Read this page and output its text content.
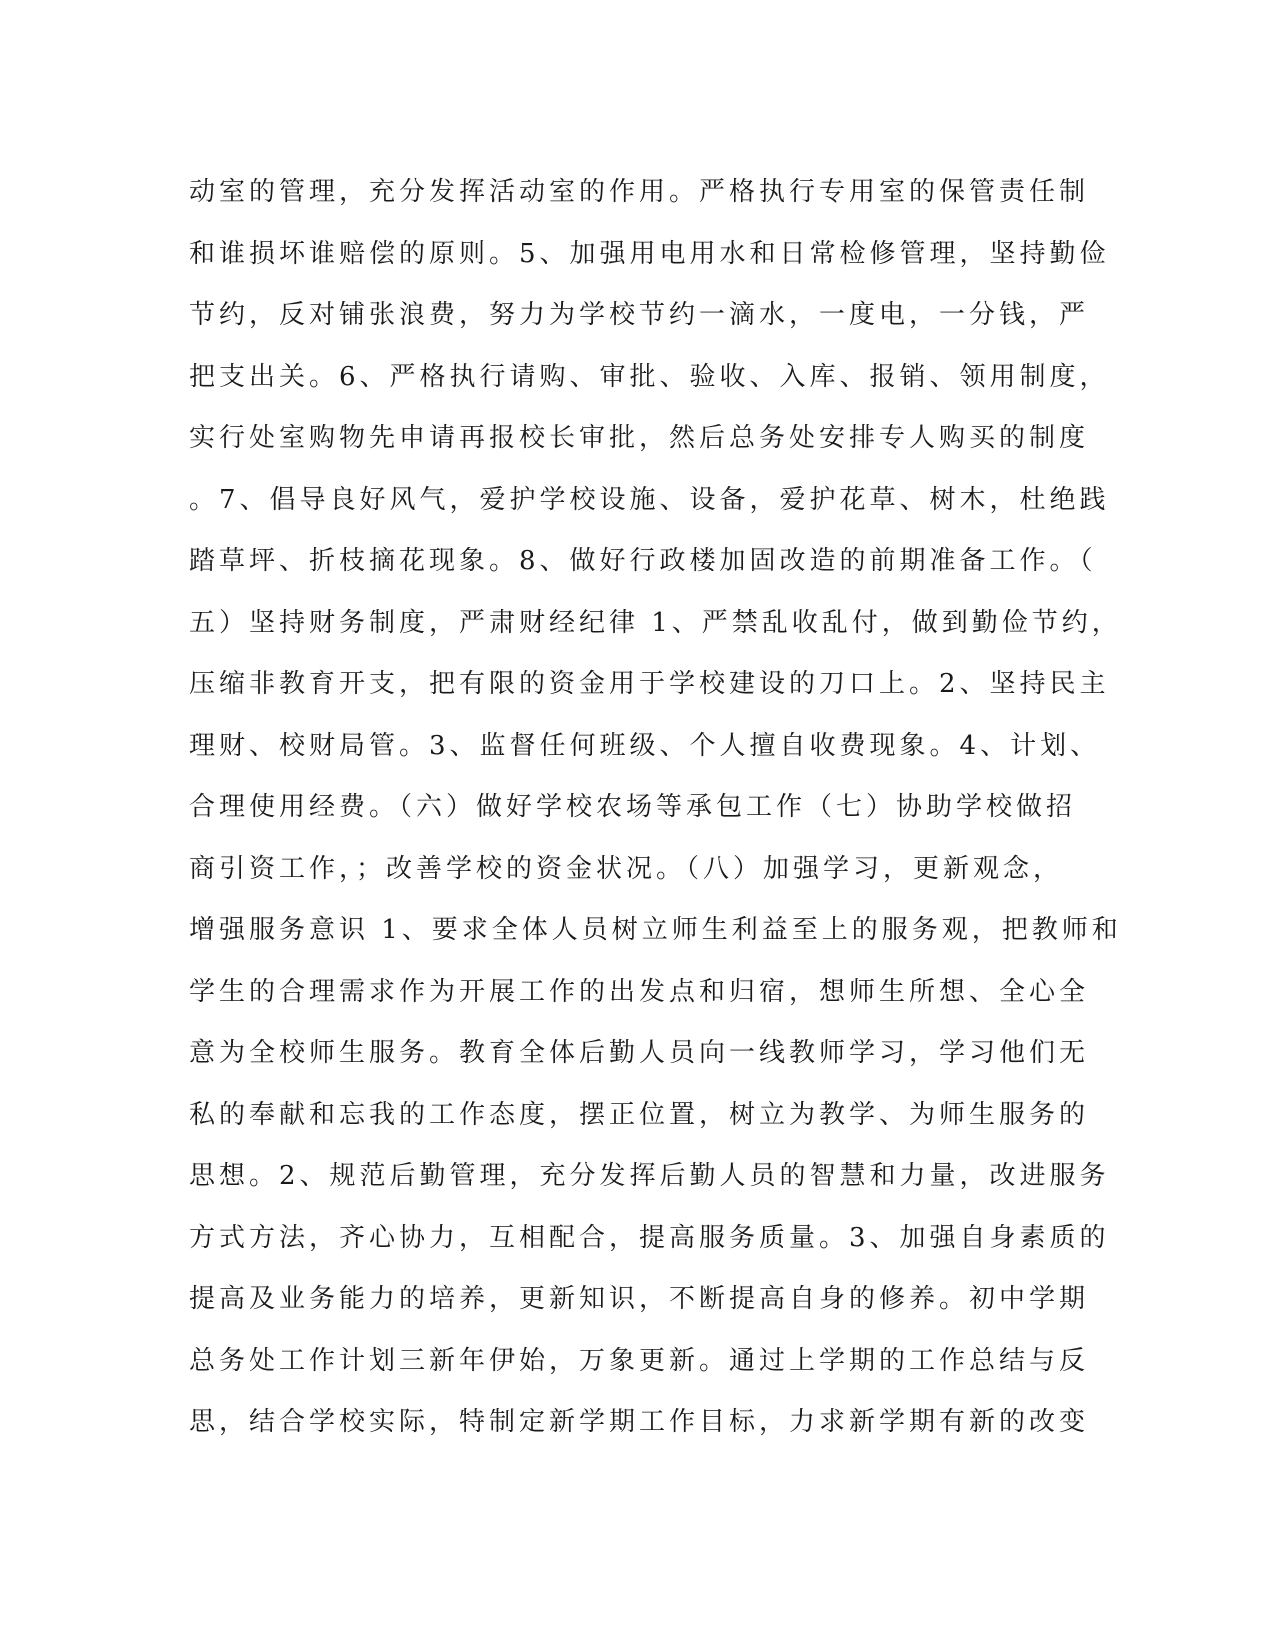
动室的管理，充分发挥活动室的作用。严格执行专用室的保管责任制
和谁损坏谁赔偿的原则。5、加强用电用水和日常检修管理，坚持勤俭
节约，反对铺张浪费，努力为学校节约一滴水，一度电，一分钱，严
把支出关。6、严格执行请购、审批、验收、入库、报销、领用制度，
实行处室购物先申请再报校长审批，然后总务处安排专人购买的制度
。7、倡导良好风气，爱护学校设施、设备，爱护花草、树木，杜绝践
踏草坪、折枝摘花现象。8、做好行政楼加固改造的前期准备工作。（
五）坚持财务制度，严肃财经纪律 1、严禁乱收乱付，做到勤俭节约，
压缩非教育开支，把有限的资金用于学校建设的刀口上。2、坚持民主
理财、校财局管。3、监督任何班级、个人擅自收费现象。4、计划、
合理使用经费。（六）做好学校农场等承包工作（七）协助学校做招
商引资工作，；改善学校的资金状况。（八）加强学习，更新观念，
增强服务意识 1、要求全体人员树立师生利益至上的服务观，把教师和
学生的合理需求作为开展工作的出发点和归宿，想师生所想、全心全
意为全校师生服务。教育全体后勤人员向一线教师学习，学习他们无
私的奉献和忘我的工作态度，摆正位置，树立为教学、为师生服务的
思想。2、规范后勤管理，充分发挥后勤人员的智慧和力量，改进服务
方式方法，齐心协力，互相配合，提高服务质量。3、加强自身素质的
提高及业务能力的培养，更新知识，不断提高自身的修养。初中学期
总务处工作计划三新年伊始，万象更新。通过上学期的工作总结与反
思，结合学校实际，特制定新学期工作目标，力求新学期有新的改变
